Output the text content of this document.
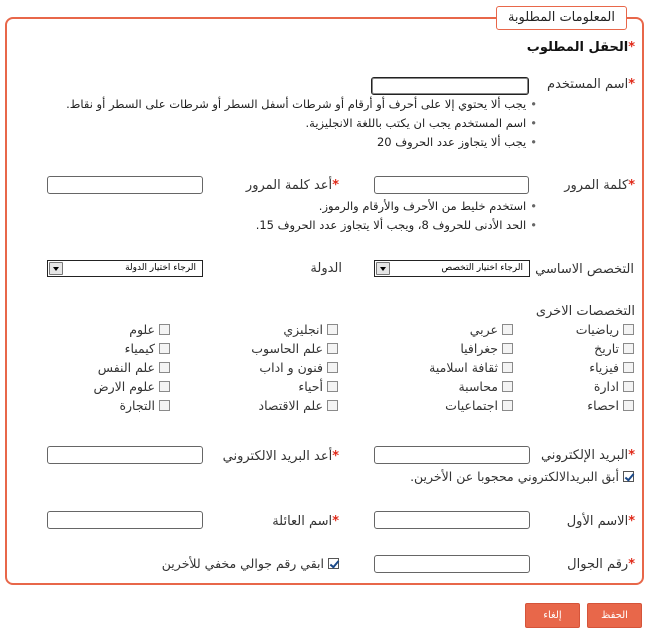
المعلومات المطلوبة
*الحقل المطلوب
*اسم المستخدم
•يجب ألا يحتوي إلا على أحرف أو أرقام أو شرطات أسفل السطر أو شرطات على السطر أو نقاط.
•اسم المستخدم يجب ان يكتب باللغة الانجليزية.
•يجب ألا يتجاوز عدد الحروف 20
*كلمة المرور
*أعد كلمة المرور
•استخدم خليط من الأحرف والأرقام والرموز.
•الحد الأدنى للحروف 8، ويجب ألا يتجاوز عدد الحروف 15.
التخصص الاساسي
الرجاء اختيار التخصص
الدولة
الرجاء اختيار الدولة
التخصصات الاخرى
رياضيات
تاريخ
فيزياء
ادارة
احصاء
عربي
جغرافيا
ثقافة اسلامية
محاسبة
اجتماعيات
انجليزي
علم الحاسوب
فنون و اداب
أحياء
علم الاقتصاد
علوم
كيمياء
علم النفس
علوم الارض
التجارة
*البريد الإلكتروني
*أعد البريد الالكتروني
أبق البريدالالكتروني محجوبا عن الأخرين.
*الاسم الأول
*اسم العائلة
*رقم الجوال
ابقي رقم جوالي مخفي للأخرين
الحفظ
إلغاء
